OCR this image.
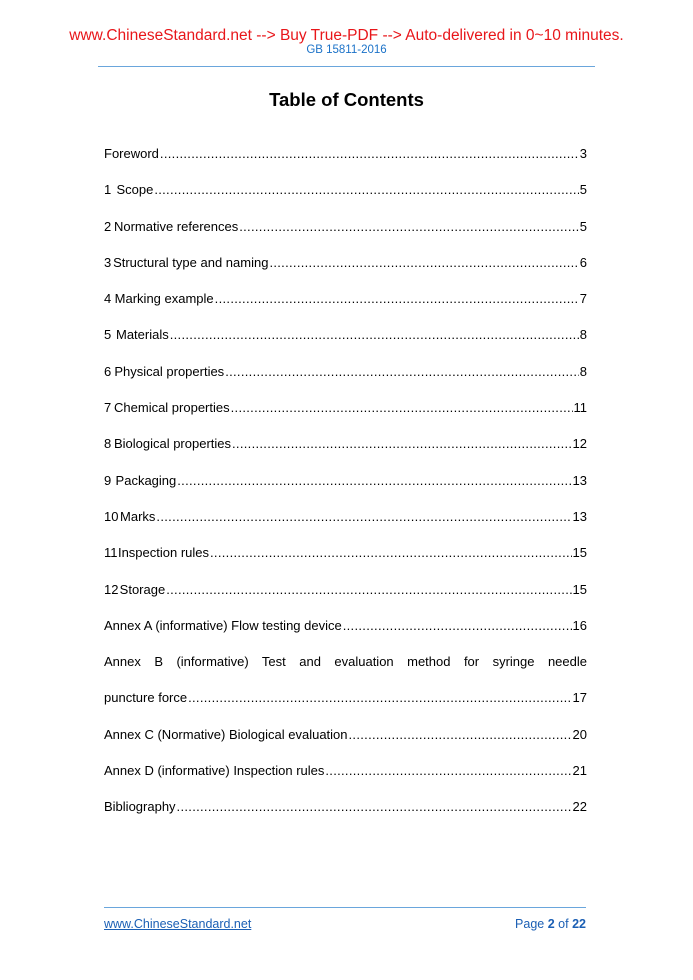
www.ChineseStandard.net --> Buy True-PDF --> Auto-delivered in 0~10 minutes.
GB 15811-2016
Table of Contents
Foreword .....	3
1 Scope .....	5
2 Normative references .....	5
3 Structural type and naming .....	6
4 Marking example .....	7
5 Materials .....	8
6 Physical properties .....	8
7 Chemical properties .....	11
8 Biological properties .....	12
9 Packaging .....	13
10 Marks .....	13
11 Inspection rules .....	15
12 Storage .....	15
Annex A (informative) Flow testing device .....	16
Annex B (informative) Test and evaluation method for syringe needle
puncture force .....	17
Annex C (Normative) Biological evaluation .....	20
Annex D (informative) Inspection rules .....	21
Bibliography .....	22
www.ChineseStandard.net	Page 2 of 22
